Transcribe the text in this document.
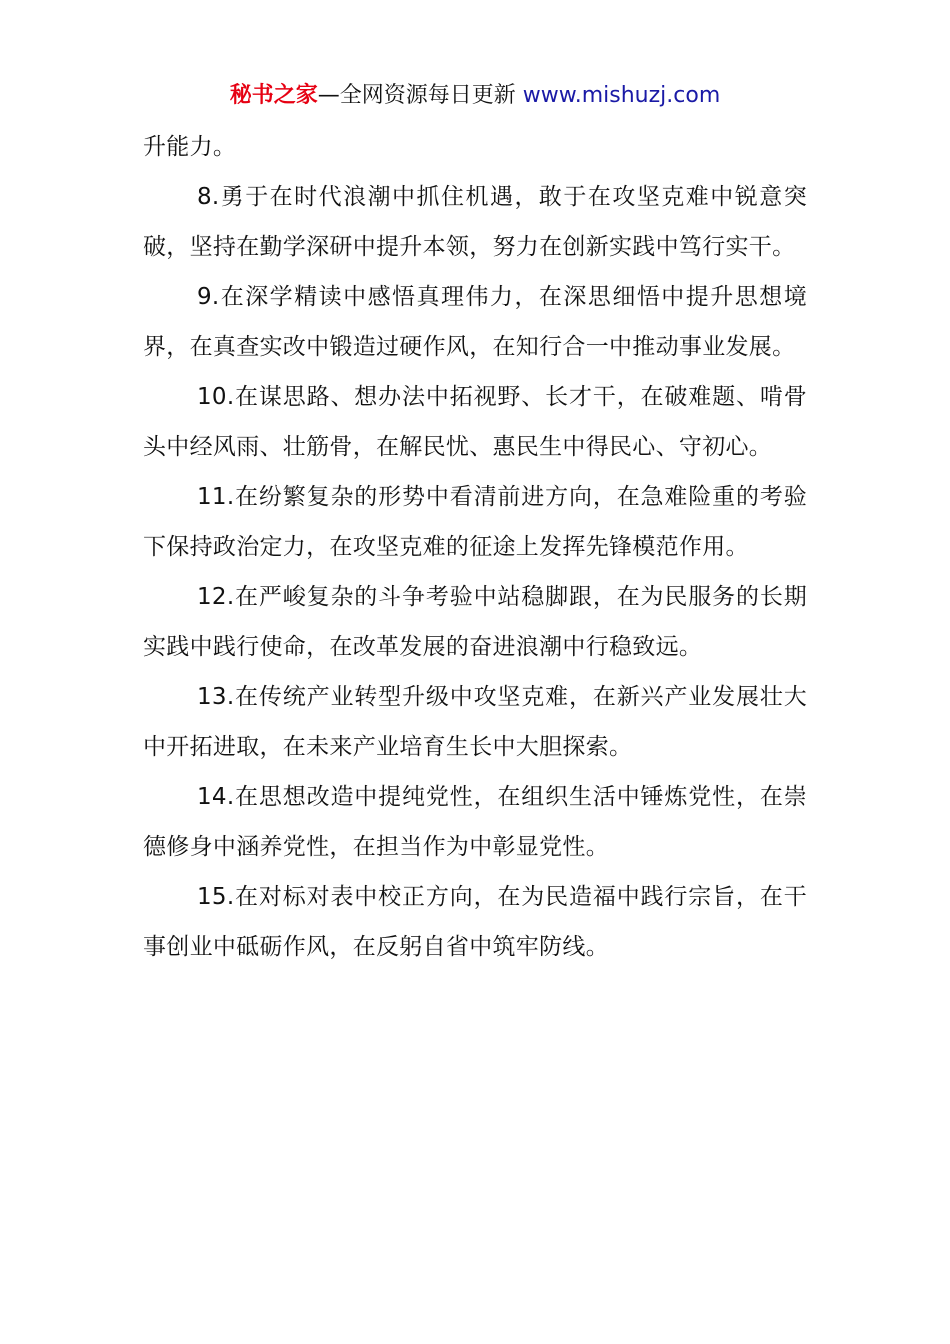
秘书之家—全网资源每日更新 www.mishuzj.com

升能力。

8.勇于在时代浪潮中抓住机遇，敢于在攻坚克难中锐意突破，坚持在勤学深研中提升本领，努力在创新实践中笃行实干。

9.在深学精读中感悟真理伟力，在深思细悟中提升思想境界，在真查实改中锻造过硬作风，在知行合一中推动事业发展。

10.在谋思路、想办法中拓视野、长才干，在破难题、啃骨头中经风雨、壮筋骨，在解民忧、惠民生中得民心、守初心。

11.在纷繁复杂的形势中看清前进方向，在急难险重的考验下保持政治定力，在攻坚克难的征途上发挥先锋模范作用。

12.在严峻复杂的斗争考验中站稳脚跟，在为民服务的长期实践中践行使命，在改革发展的奋进浪潮中行稳致远。

13.在传统产业转型升级中攻坚克难，在新兴产业发展壮大中开拓进取，在未来产业培育生长中大胆探索。

14.在思想改造中提纯党性，在组织生活中锤炼党性，在崇德修身中涵养党性，在担当作为中彰显党性。

15.在对标对表中校正方向，在为民造福中践行宗旨，在干事创业中砥砺作风，在反躬自省中筑牢防线。
